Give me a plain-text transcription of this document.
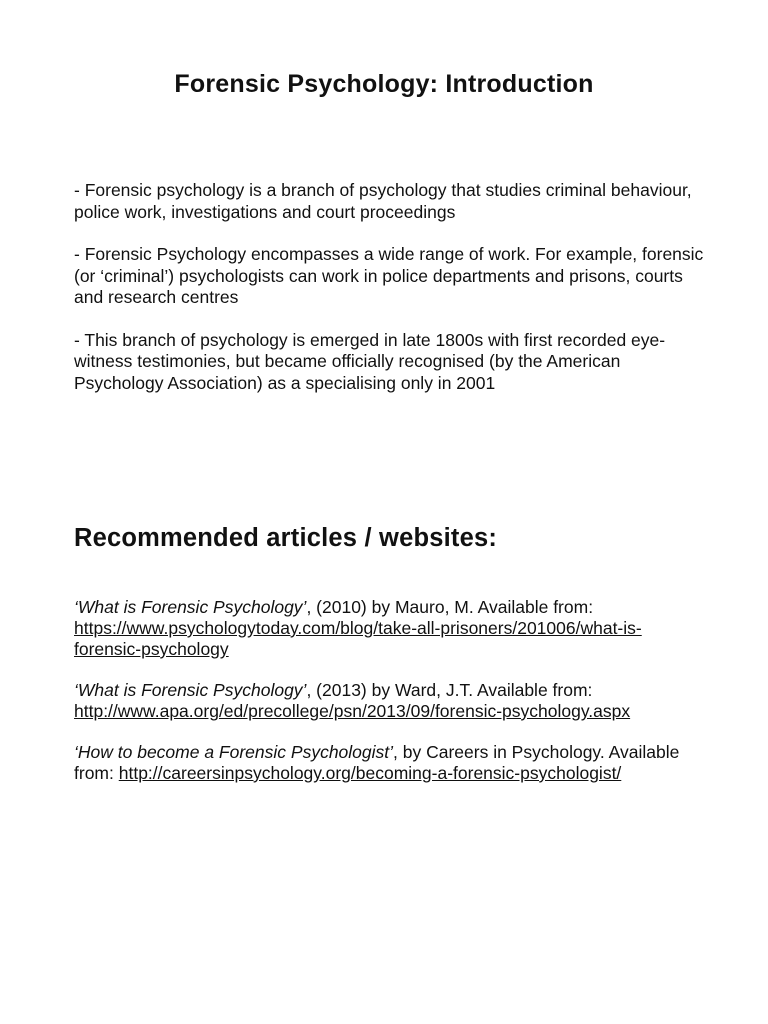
Forensic Psychology: Introduction

- Forensic psychology is a branch of psychology that studies criminal behaviour, police work, investigations and court proceedings

- Forensic Psychology encompasses a wide range of work. For example, forensic (or ‘criminal’) psychologists can work in police departments and prisons, courts and research centres

- This branch of psychology is emerged in late 1800s with first recorded eye-witness testimonies, but became officially recognised (by the American Psychology Association) as a specialising only in 2001

Recommended articles / websites:

‘What is Forensic Psychology’, (2010) by Mauro, M. Available from: https://www.psychologytoday.com/blog/take-all-prisoners/201006/what-is-forensic-psychology

‘What is Forensic Psychology’, (2013) by Ward, J.T. Available from: http://www.apa.org/ed/precollege/psn/2013/09/forensic-psychology.aspx

‘How to become a Forensic Psychologist’, by Careers in Psychology. Available from: http://careersinpsychology.org/becoming-a-forensic-psychologist/
